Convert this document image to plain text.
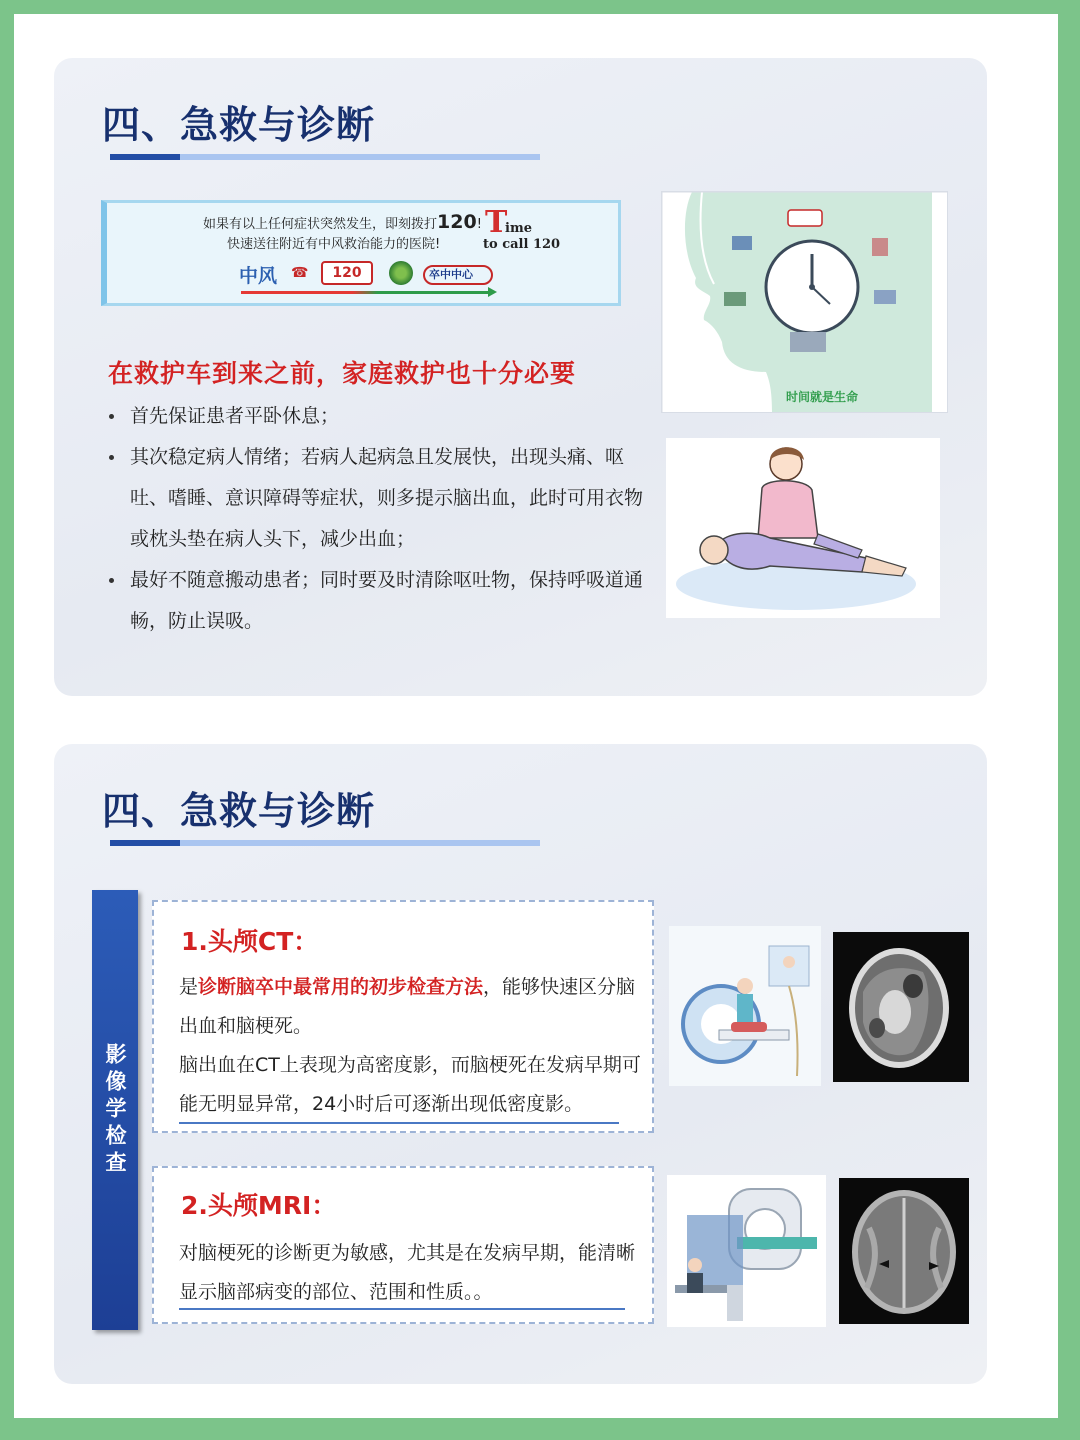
四、急救与诊断
如果有以上任何症状突然发生，即刻拨打120!
快速送往附近有中风救治能力的医院!
中风 ☎	120	卒中中心
T
ime
to call 120
在救护车到来之前，家庭救护也十分必要
首先保证患者平卧休息；
其次稳定病人情绪；若病人起病急且发展快，出现头痛、呕吐、嗜睡、意识障碍等症状，则多提示脑出血，此时可用衣物或枕头垫在病人头下，减少出血；
最好不随意搬动患者；同时要及时清除呕吐物，保持呼吸道通畅，防止误吸。
时间就是生命
四、急救与诊断
影像学检查
1.头颅CT：
是诊断脑卒中最常用的初步检查方法，能够快速区分脑出血和脑梗死。
脑出血在CT上表现为高密度影，而脑梗死在发病早期可能无明显异常，24小时后可逐渐出现低密度影。
2.头颅MRI：
对脑梗死的诊断更为敏感，尤其是在发病早期，能清晰显示脑部病变的部位、范围和性质。。
